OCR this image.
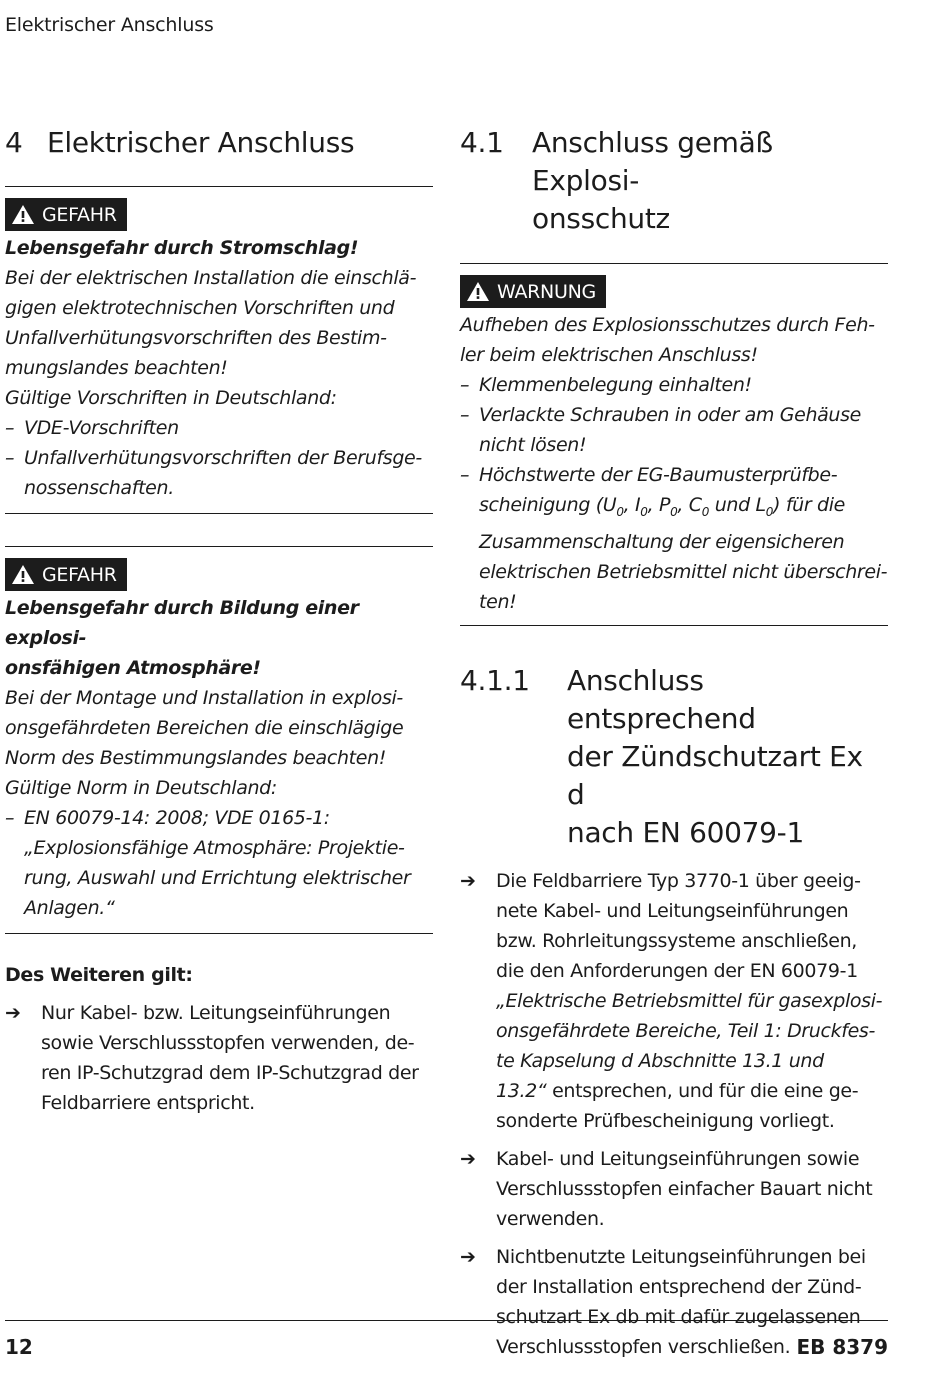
Elektrischer Anschluss
4 Elektrischer Anschluss
GEFAHR

Lebensgefahr durch Stromschlag!

Bei der elektrischen Installation die einschlä-

gigen elektrotechnischen Vorschriften und

Unfallverhütungsvorschriften des Bestim-

mungslandes beachten!

Gültige Vorschriften in Deutschland:

– VDE-Vorschriften
– Unfallverhütungsvorschriften der Berufsge-
nossenschaften.
GEFAHR

Lebensgefahr durch Bildung einer explosi-

onsfähigen Atmosphäre!

Bei der Montage und Installation in explosi-

onsgefährdeten Bereichen die einschlägige

Norm des Bestimmungslandes beachten!

Gültige Norm in Deutschland:

– EN 60079-14: 2008; VDE 0165-1:
„Explosionsfähige Atmosphäre: Projektie-
rung, Auswahl und Errichtung elektrischer
Anlagen.“

Des Weiteren gilt:

➔	Nur Kabel- bzw. Leitungseinführungen
sowie Verschlussstopfen verwenden, de-
ren IP-Schutzgrad dem IP-Schutzgrad der
Feldbarriere entspricht.
4.1	Anschluss gemäß Explosi-
onsschutz
WARNUNG

Aufheben des Explosionsschutzes durch Feh-

ler beim elektrischen Anschluss!

– Klemmenbelegung einhalten!
– Verlackte Schrauben in oder am Gehäuse
nicht lösen!
– Höchstwerte der EG-Baumusterprüfbe-
scheinigung ($U_0$, $I_0$, $P_0$, $C_0$ und $L_0$) für die
Zusammenschaltung der eigensicheren
elektrischen Betriebsmittel nicht überschrei-
ten!
4.1.1	Anschluss entsprechend
der Zündschutzart Ex d
nach EN 60079-1
➔	Die Feldbarriere Typ 3770-1 über geeig-
nete Kabel- und Leitungseinführungen
bzw. Rohrleitungssysteme anschließen,
die den Anforderungen der EN 60079-1
„Elektrische Betriebsmittel für gasexplosi-
onsgefährdete Bereiche, Teil 1: Druckfes-
te Kapselung d Abschnitte 13.1 und
13.2“ entsprechen, und für die eine ge-
sonderte Prüfbescheinigung vorliegt.
➔	Kabel- und Leitungseinführungen sowie
Verschlussstopfen einfacher Bauart nicht
verwenden.
➔	Nichtbenutzte Leitungseinführungen bei
der Installation entsprechend der Zünd-
schutzart Ex db mit dafür zugelassenen
Verschlussstopfen verschließen.
12	EB 8379
